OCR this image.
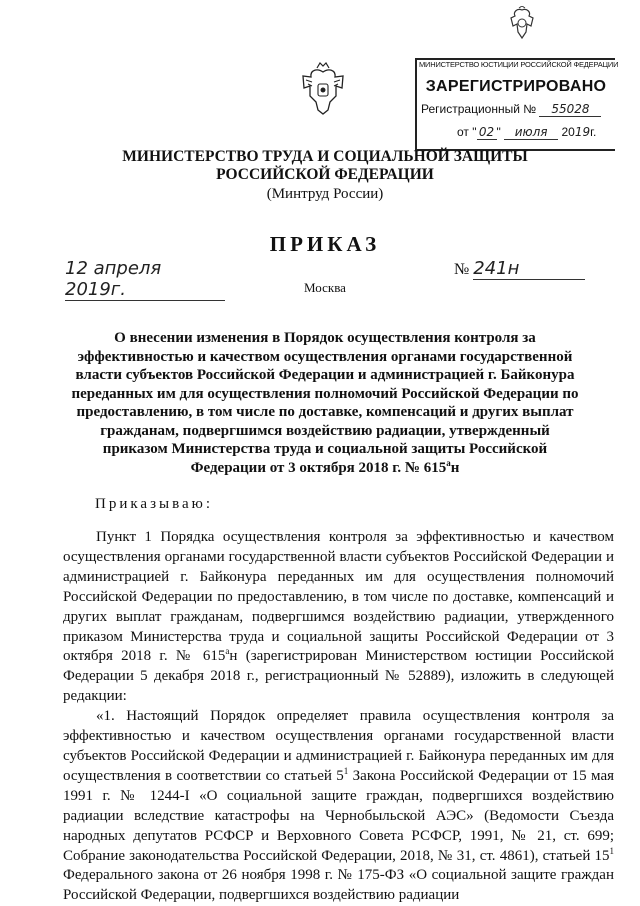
МИНИСТЕРСТВО ЮСТИЦИИ РОССИЙСКОЙ ФЕДЕРАЦИИ
ЗАРЕГИСТРИРОВАНО
Регистрационный № 55028
от " 02 " июля 2019г.
МИНИСТЕРСТВО ТРУДА И СОЦИАЛЬНОЙ ЗАЩИТЫ
РОССИЙСКОЙ ФЕДЕРАЦИИ
(Минтруд России)
ПРИКАЗ
12 апреля 2019г.
№ 241н
Москва
О внесении изменения в Порядок осуществления контроля за эффективностью и качеством осуществления органами государственной власти субъектов Российской Федерации и администрацией г. Байконура переданных им для осуществления полномочий Российской Федерации по предоставлению, в том числе по доставке, компенсаций и других выплат гражданам, подвергшимся воздействию радиации, утвержденный приказом Министерства труда и социальной защиты Российской Федерации от 3 октября 2018 г. № $615^ан$
Приказываю:

Пункт 1 Порядка осуществления контроля за эффективностью и качеством осуществления органами государственной власти субъектов Российской Федерации и администрацией г. Байконура переданных им для осуществления полномочий Российской Федерации по предоставлению, в том числе по доставке, компенсаций и других выплат гражданам, подвергшимся воздействию радиации, утвержденного приказом Министерства труда и социальной защиты Российской Федерации от 3 октября 2018 г. № $615^ан$ (зарегистрирован Министерством юстиции Российской Федерации 5 декабря 2018 г., регистрационный № 52889), изложить в следующей редакции:

«1. Настоящий Порядок определяет правила осуществления контроля за эффективностью и качеством осуществления органами государственной власти субъектов Российской Федерации и администрацией г. Байконура переданных им для осуществления в соответствии со статьей $5^1$ Закона Российской Федерации от 15 мая 1991 г. № 1244-I «О социальной защите граждан, подвергшихся воздействию радиации вследствие катастрофы на Чернобыльской АЭС» (Ведомости Съезда народных депутатов РСФСР и Верховного Совета РСФСР, 1991, № 21, ст. 699; Собрание законодательства Российской Федерации, 2018, № 31, ст. 4861), статьей $15^1$ Федерального закона от 26 ноября 1998 г. № 175-ФЗ «О социальной защите граждан Российской Федерации, подвергшихся воздействию радиации
